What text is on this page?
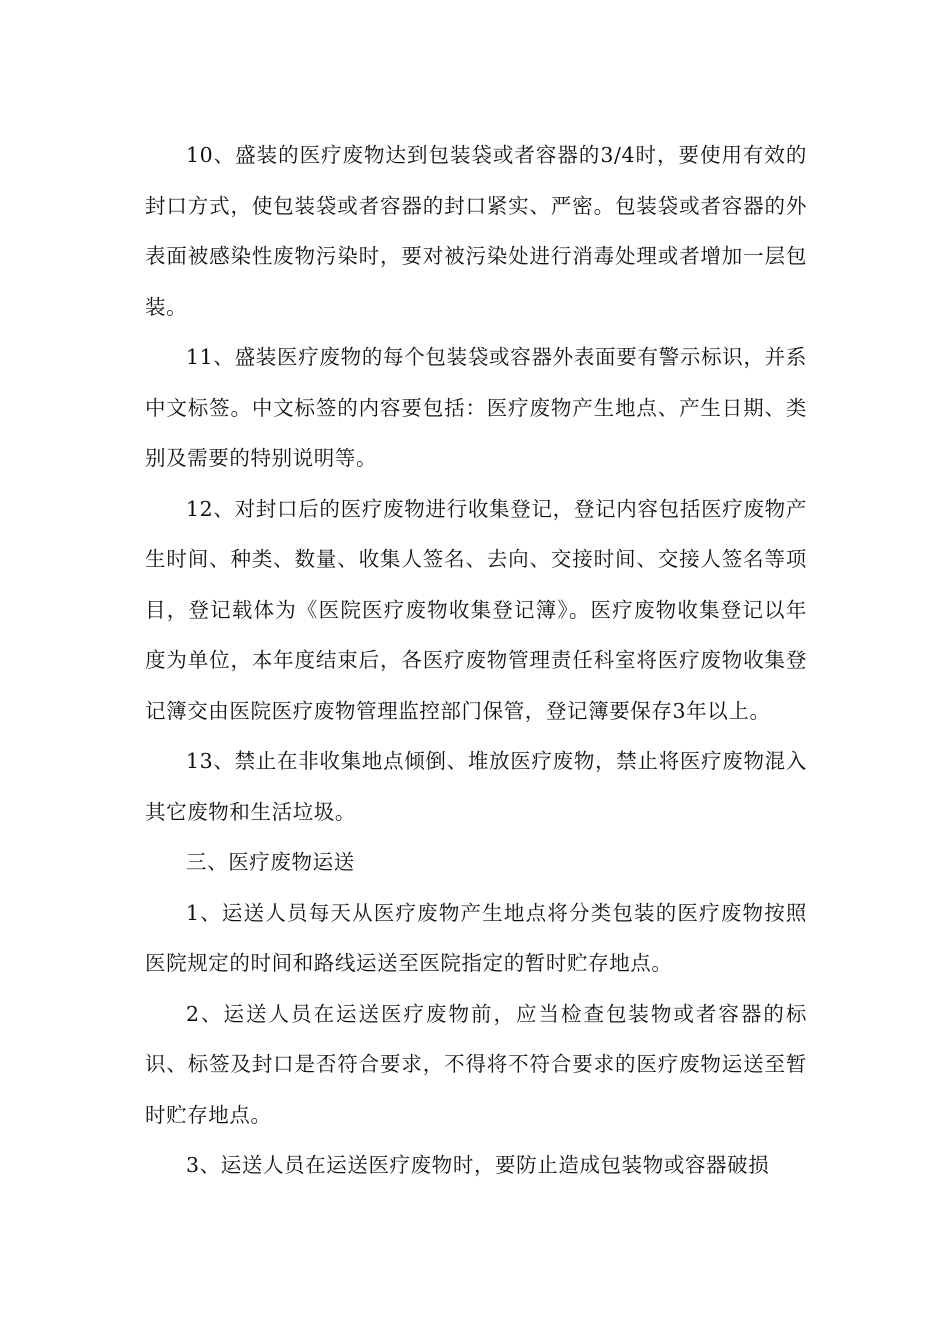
10、盛装的医疗废物达到包装袋或者容器的3/4时，要使用有效的封口方式，使包装袋或者容器的封口紧实、严密。包装袋或者容器的外表面被感染性废物污染时，要对被污染处进行消毒处理或者增加一层包装。

11、盛装医疗废物的每个包装袋或容器外表面要有警示标识，并系中文标签。中文标签的内容要包括：医疗废物产生地点、产生日期、类别及需要的特别说明等。

12、对封口后的医疗废物进行收集登记，登记内容包括医疗废物产生时间、种类、数量、收集人签名、去向、交接时间、交接人签名等项目，登记载体为《医院医疗废物收集登记簿》。医疗废物收集登记以年度为单位，本年度结束后，各医疗废物管理责任科室将医疗废物收集登记簿交由医院医疗废物管理监控部门保管，登记簿要保存3年以上。

13、禁止在非收集地点倾倒、堆放医疗废物，禁止将医疗废物混入其它废物和生活垃圾。

三、医疗废物运送

1、运送人员每天从医疗废物产生地点将分类包装的医疗废物按照医院规定的时间和路线运送至医院指定的暂时贮存地点。

2、运送人员在运送医疗废物前，应当检查包装物或者容器的标识、标签及封口是否符合要求，不得将不符合要求的医疗废物运送至暂时贮存地点。

3、运送人员在运送医疗废物时，要防止造成包装物或容器破损
